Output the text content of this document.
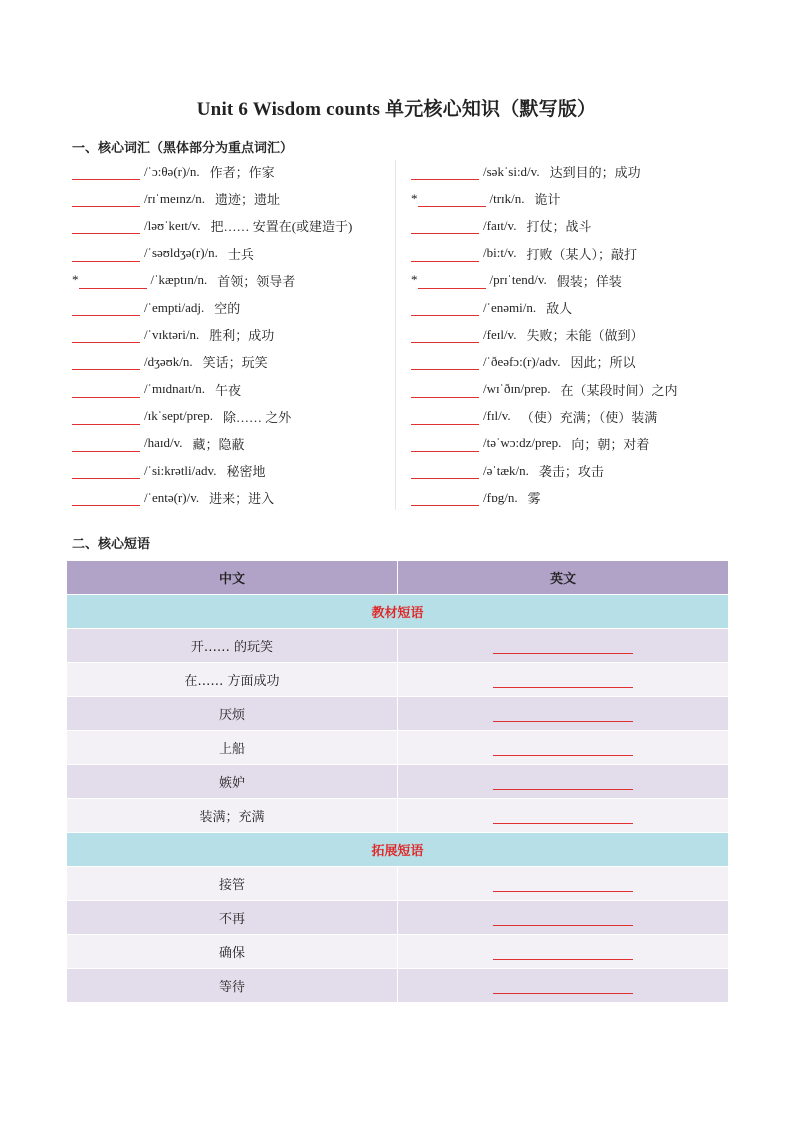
Unit 6 Wisdom counts 单元核心知识（默写版）
一、核心词汇（黑体部分为重点词汇）
/ˈɔ:θə(r)/n. 作者；作家
/rɪˈmeɪnz/n. 遗迹；遗址
/ləʊˈkeɪt/v. 把…… 安置在(或建造于)
/ˈsəʊldʒə(r)/n. 士兵
*	/ˈkæptɪn/n. 首领；领导者
/ˈempti/adj. 空的
/ˈvɪktəri/n. 胜利；成功
/dʒəʊk/n. 笑话；玩笑
/ˈmɪdnaɪt/n. 午夜
/ɪkˈsept/prep. 除…… 之外
/haɪd/v. 藏；隐蔽
/ˈsi:krətli/adv. 秘密地
/ˈentə(r)/v. 进来；进入
/səkˈsi:d/v. 达到目的；成功
*	/trɪk/n. 诡计
/faɪt/v. 打仗；战斗
/bi:t/v. 打败（某人）；敲打
*	/prɪˈtend/v. 假装；佯装
/ˈenəmi/n. 敌人
/feɪl/v. 失败；未能（做到）
/ˈðeəfɔ:(r)/adv. 因此；所以
/wɪˈðɪn/prep. 在（某段时间）之内
/fɪl/v. （使）充满；（使）装满
/təˈwɔ:dz/prep. 向；朝；对着
/əˈtæk/n. 袭击；攻击
/fɒg/n. 雾
二、核心短语
中文	英文
教材短语	
开…… 的玩笑	
在…… 方面成功	
厌烦	
上船	
嫉妒	
装满；充满	
拓展短语	
接管	
不再	
确保	
等待	
